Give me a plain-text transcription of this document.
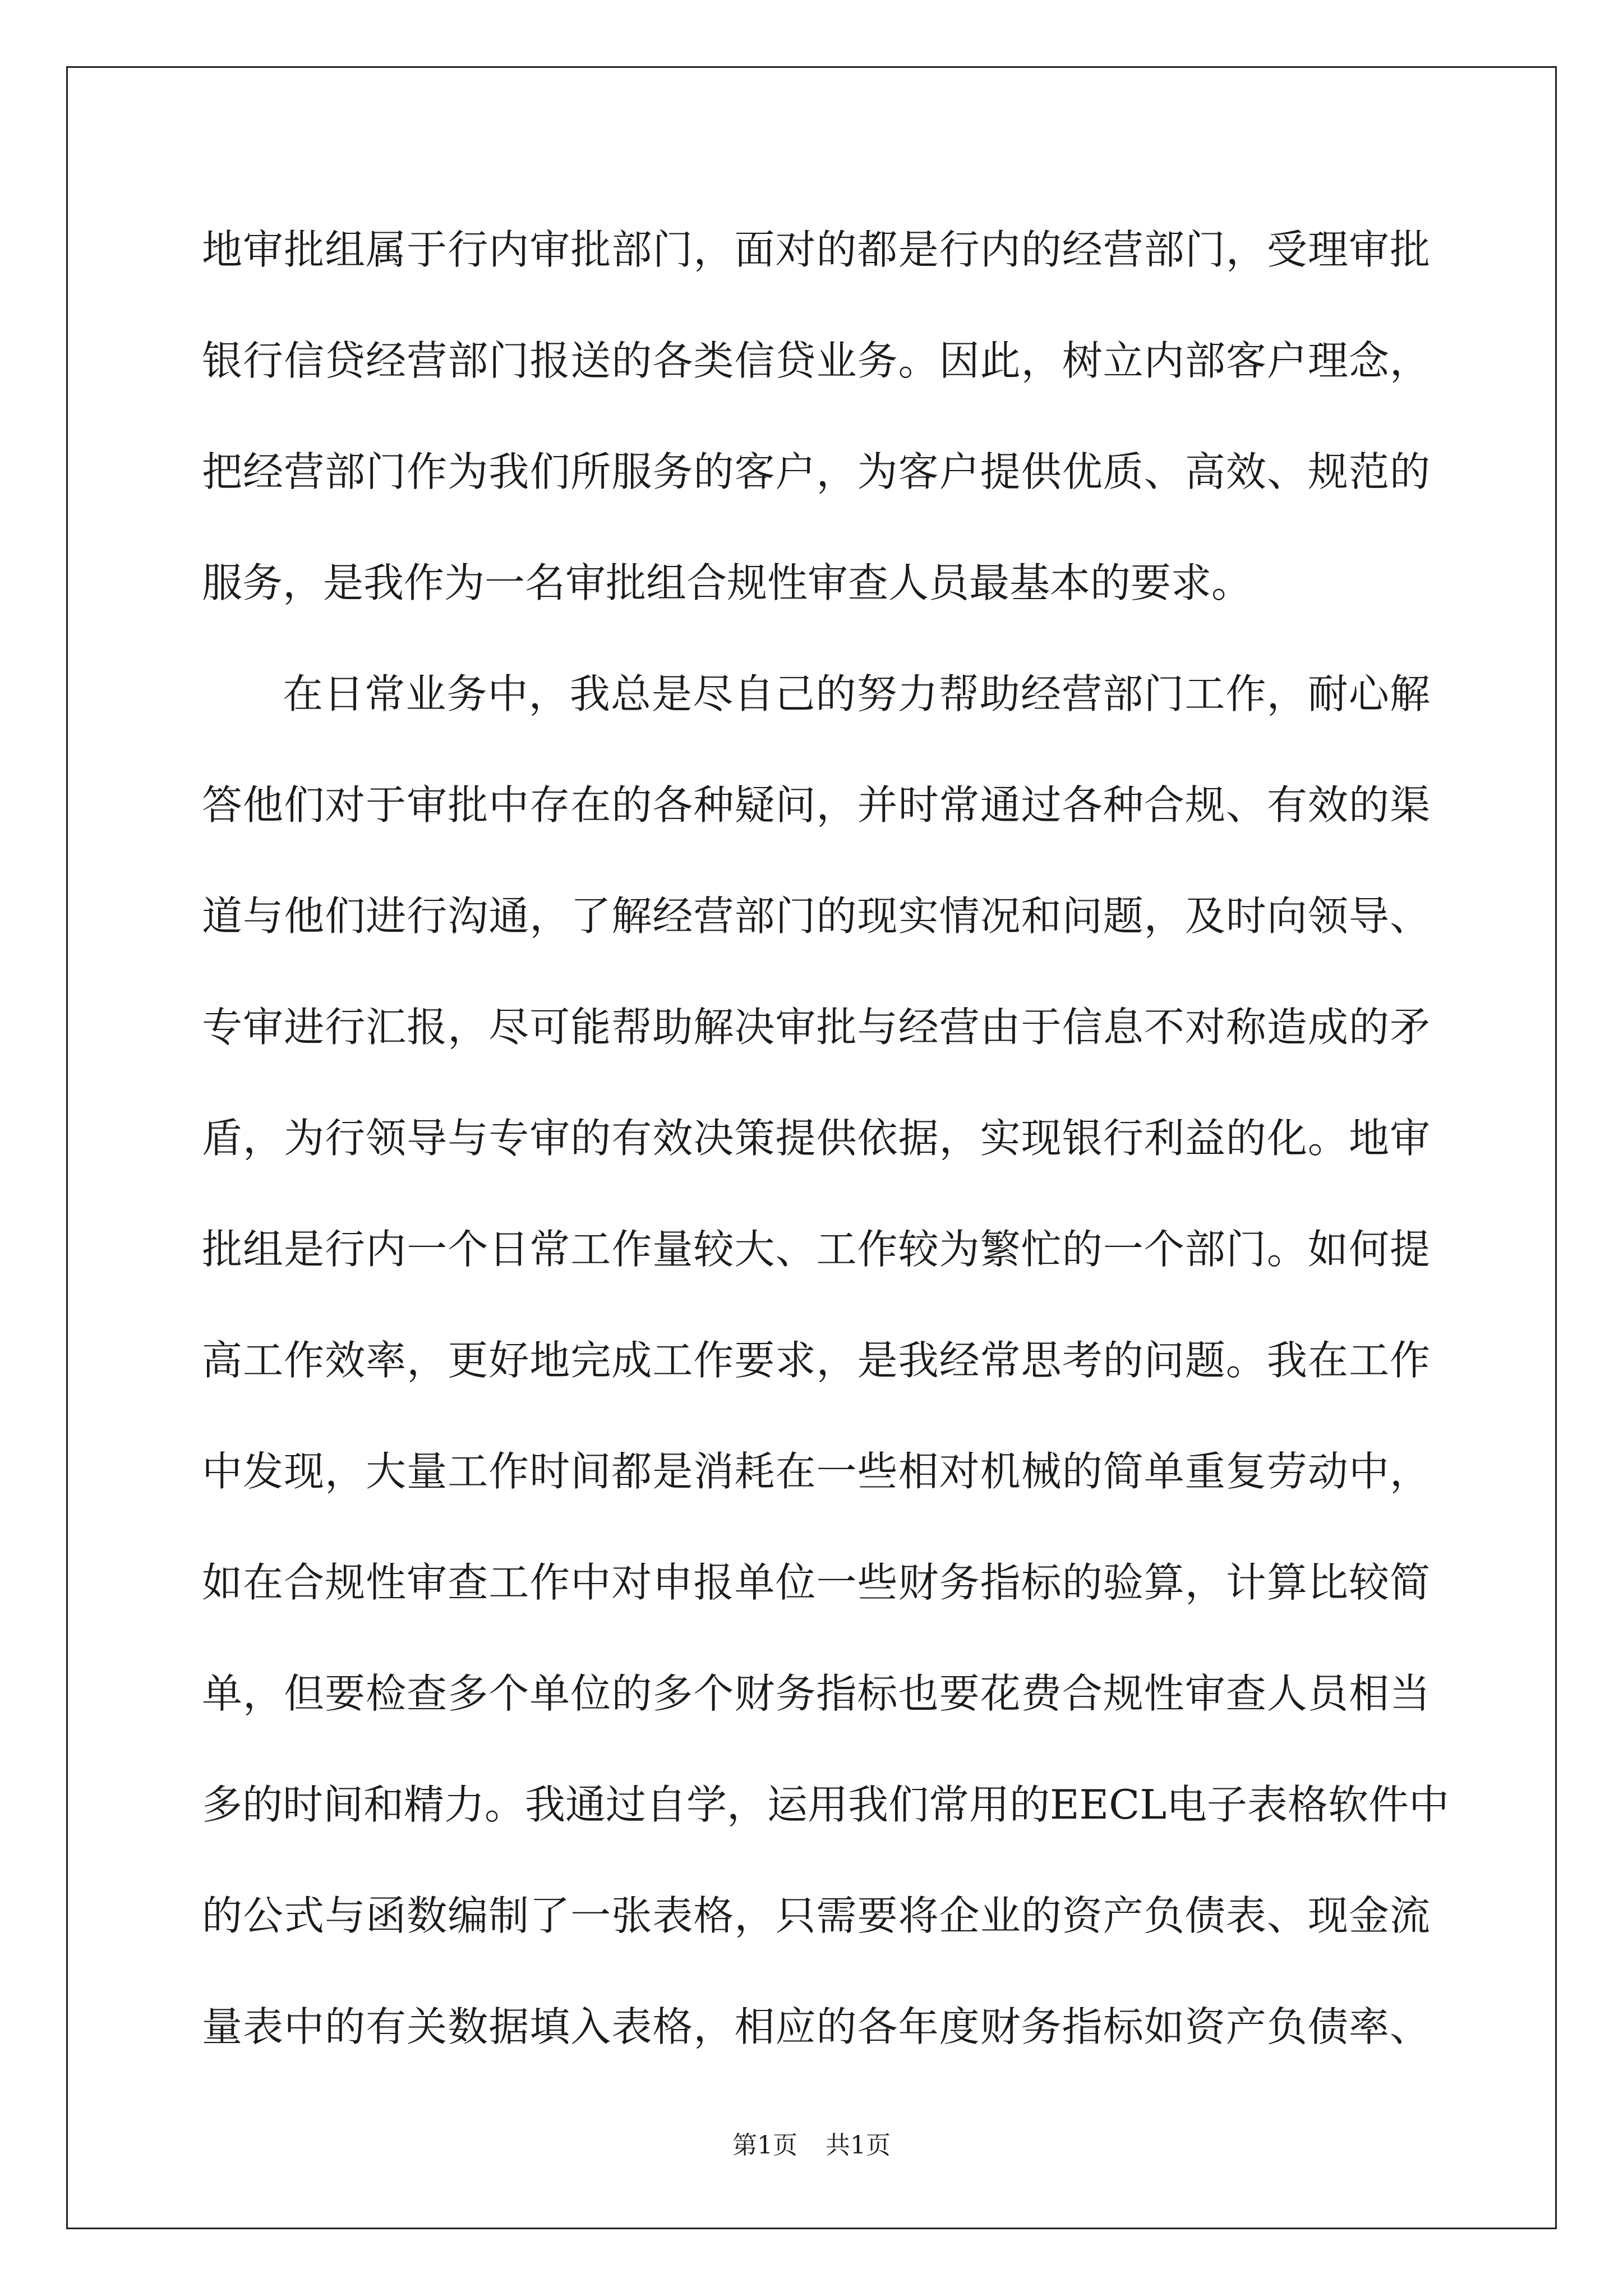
地审批组属于行内审批部门，面对的都是行内的经营部门，受理审批
银行信贷经营部门报送的各类信贷业务。因此，树立内部客户理念，
把经营部门作为我们所服务的客户，为客户提供优质、高效、规范的
服务，是我作为一名审批组合规性审查人员最基本的要求。
在日常业务中，我总是尽自己的努力帮助经营部门工作，耐心解
答他们对于审批中存在的各种疑问，并时常通过各种合规、有效的渠
道与他们进行沟通，了解经营部门的现实情况和问题，及时向领导、
专审进行汇报，尽可能帮助解决审批与经营由于信息不对称造成的矛
盾，为行领导与专审的有效决策提供依据，实现银行利益的化。地审
批组是行内一个日常工作量较大、工作较为繁忙的一个部门。如何提
高工作效率，更好地完成工作要求，是我经常思考的问题。我在工作
中发现，大量工作时间都是消耗在一些相对机械的简单重复劳动中，
如在合规性审查工作中对申报单位一些财务指标的验算，计算比较简
单，但要检查多个单位的多个财务指标也要花费合规性审查人员相当
多的时间和精力。我通过自学，运用我们常用的EECL电子表格软件中
的公式与函数编制了一张表格，只需要将企业的资产负债表、现金流
量表中的有关数据填入表格，相应的各年度财务指标如资产负债率、
第1页 共1页
